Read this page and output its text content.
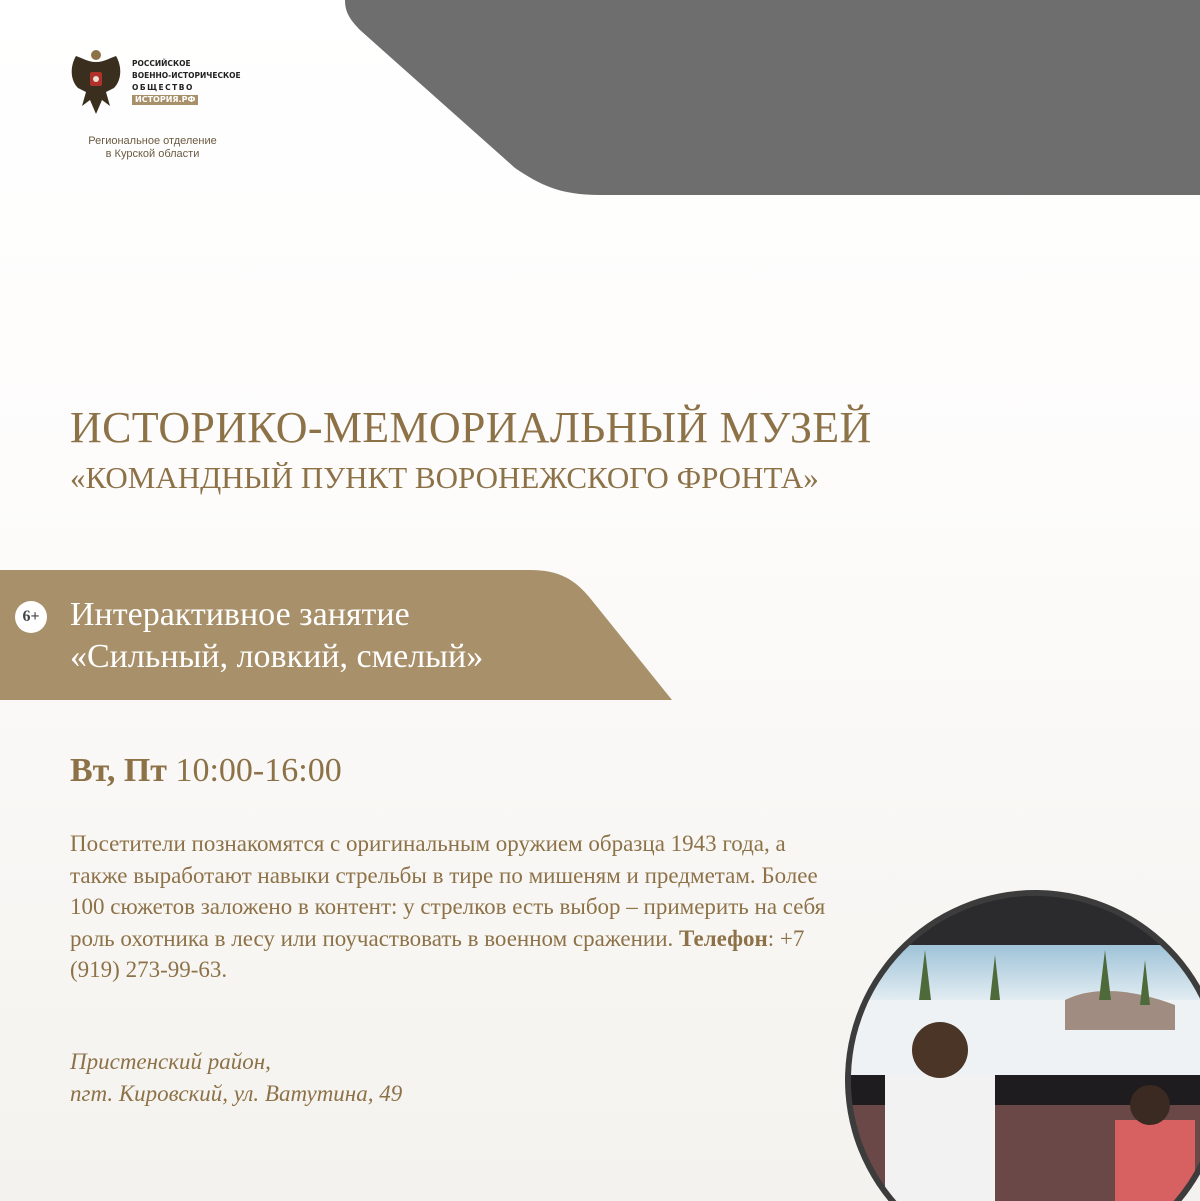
РОССИЙСКОЕ
ВОЕННО-ИСТОРИЧЕСКОЕ
ОБЩЕСТВО
ИСТОРИЯ.РФ
Региональное отделение
в Курской области
ИСТОРИКО-МЕМОРИАЛЬНЫЙ МУЗЕЙ
«КОМАНДНЫЙ ПУНКТ ВОРОНЕЖСКОГО ФРОНТА»
6+ Интерактивное занятие
«Сильный, ловкий, смелый»
Вт, Пт 10:00-16:00
Посетители познакомятся с оригинальным оружием образца 1943 года, а также выработают навыки стрельбы в тире по мишеням и предметам. Более 100 сюжетов заложено в контент: у стрелков есть выбор – примерить на себя роль охотника в лесу или поучаствовать в военном сражении. Телефон: +7 (919) 273-99-63.
Пристенский район,
пгт. Кировский, ул. Ватутина, 49
